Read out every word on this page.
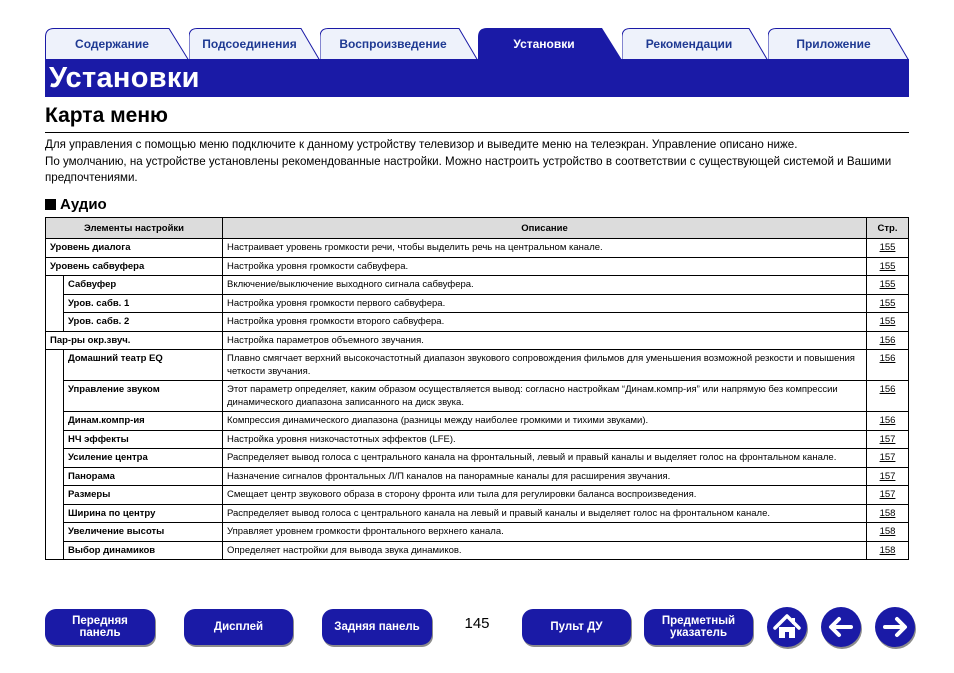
Содержание	Подсоединения	Воспроизведение	Установки	Рекомендации	Приложение
Установки
Карта меню
Для управления с помощью меню подключите к данному устройству телевизор и выведите меню на телеэкран. Управление описано ниже.
По умолчанию, на устройстве установлены рекомендованные настройки. Можно настроить устройство в соответствии с существующей системой и Вашими предпочтениями.
Аудио
Элементы настройки		Описание	Стр.
Уровень диалога		Настраивает уровень громкости речи, чтобы выделить речь на центральном канале.	155
Уровень сабвуфера		Настройка уровня громкости сабвуфера.	155
	Сабвуфер	Включение/выключение выходного сигнала сабвуфера.	155
	Уров. сабв. 1	Настройка уровня громкости первого сабвуфера.	155
	Уров. сабв. 2	Настройка уровня громкости второго сабвуфера.	155
Пар-ры окр.звуч.		Настройка параметров объемного звучания.	156
	Домашний театр EQ	Плавно смягчает верхний высокочастотный диапазон звукового сопровождения фильмов для уменьшения возможной резкости и повышения четкости звучания.	156
	Управление звуком	Этот параметр определяет, каким образом осуществляется вывод: согласно настройкам “Динам.компр-ия” или напрямую без компрессии динамического диапазона записанного на диск звука.	156
	Динам.компр-ия	Компрессия динамического диапазона (разницы между наиболее громкими и тихими звуками).	156
	НЧ эффекты	Настройка уровня низкочастотных эффектов (LFE).	157
	Усиление центра	Распределяет вывод голоса с центрального канала на фронтальный, левый и правый каналы и выделяет голос на фронтальном канале.	157
	Панорама	Назначение сигналов фронтальных Л/П каналов на панорамные каналы для расширения звучания.	157
	Размеры	Смещает центр звукового образа в сторону фронта или тыла для регулировки баланса воспроизведения.	157
	Ширина по центру	Распределяет вывод голоса с центрального канала на левый и правый каналы и выделяет голос на фронтальном канале.	158
	Увеличение высоты	Управляет уровнем громкости фронтального верхнего канала.	158
	Выбор динамиков	Определяет настройки для вывода звука динамиков.	158
Передняя
панель	Дисплей	Задняя панель	145	Пульт ДУ	Предметный
указатель
